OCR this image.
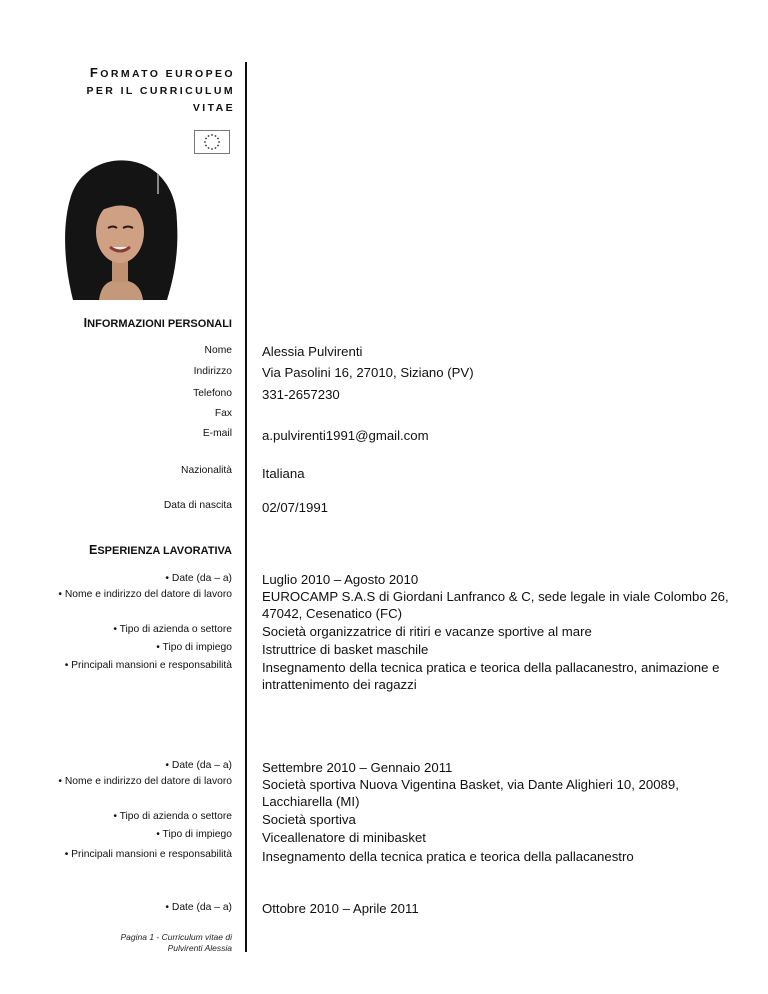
FORMATO EUROPEO
PER IL CURRICULUM
VITAE
INFORMAZIONI PERSONALI
Nome Alessia Pulvirenti
Indirizzo Via Pasolini 16, 27010, Siziano (PV)
Telefono 331-2657230
Fax
E-mail a.pulvirenti1991@gmail.com
Nazionalità Italiana
Data di nascita 02/07/1991
ESPERIENZA LAVORATIVA
• Date (da – a) Luglio 2010 – Agosto 2010
• Nome e indirizzo del datore di lavoro EUROCAMP S.A.S di Giordani Lanfranco & C, sede legale in viale Colombo 26, 47042, Cesenatico (FC)
• Tipo di azienda o settore Società organizzatrice di ritiri e vacanze sportive al mare
• Tipo di impiego Istruttrice di basket maschile
• Principali mansioni e responsabilità Insegnamento della tecnica pratica e teorica della pallacanestro, animazione e intrattenimento dei ragazzi
• Date (da – a) Settembre 2010 – Gennaio 2011
• Nome e indirizzo del datore di lavoro Società sportiva Nuova Vigentina Basket, via Dante Alighieri 10, 20089, Lacchiarella (MI)
• Tipo di azienda o settore Società sportiva
• Tipo di impiego Viceallenatore di minibasket
• Principali mansioni e responsabilità Insegnamento della tecnica pratica e teorica della pallacanestro
• Date (da – a) Ottobre 2010 – Aprile 2011
Pagina 1 - Curriculum vitae di
Pulvirenti Alessia
